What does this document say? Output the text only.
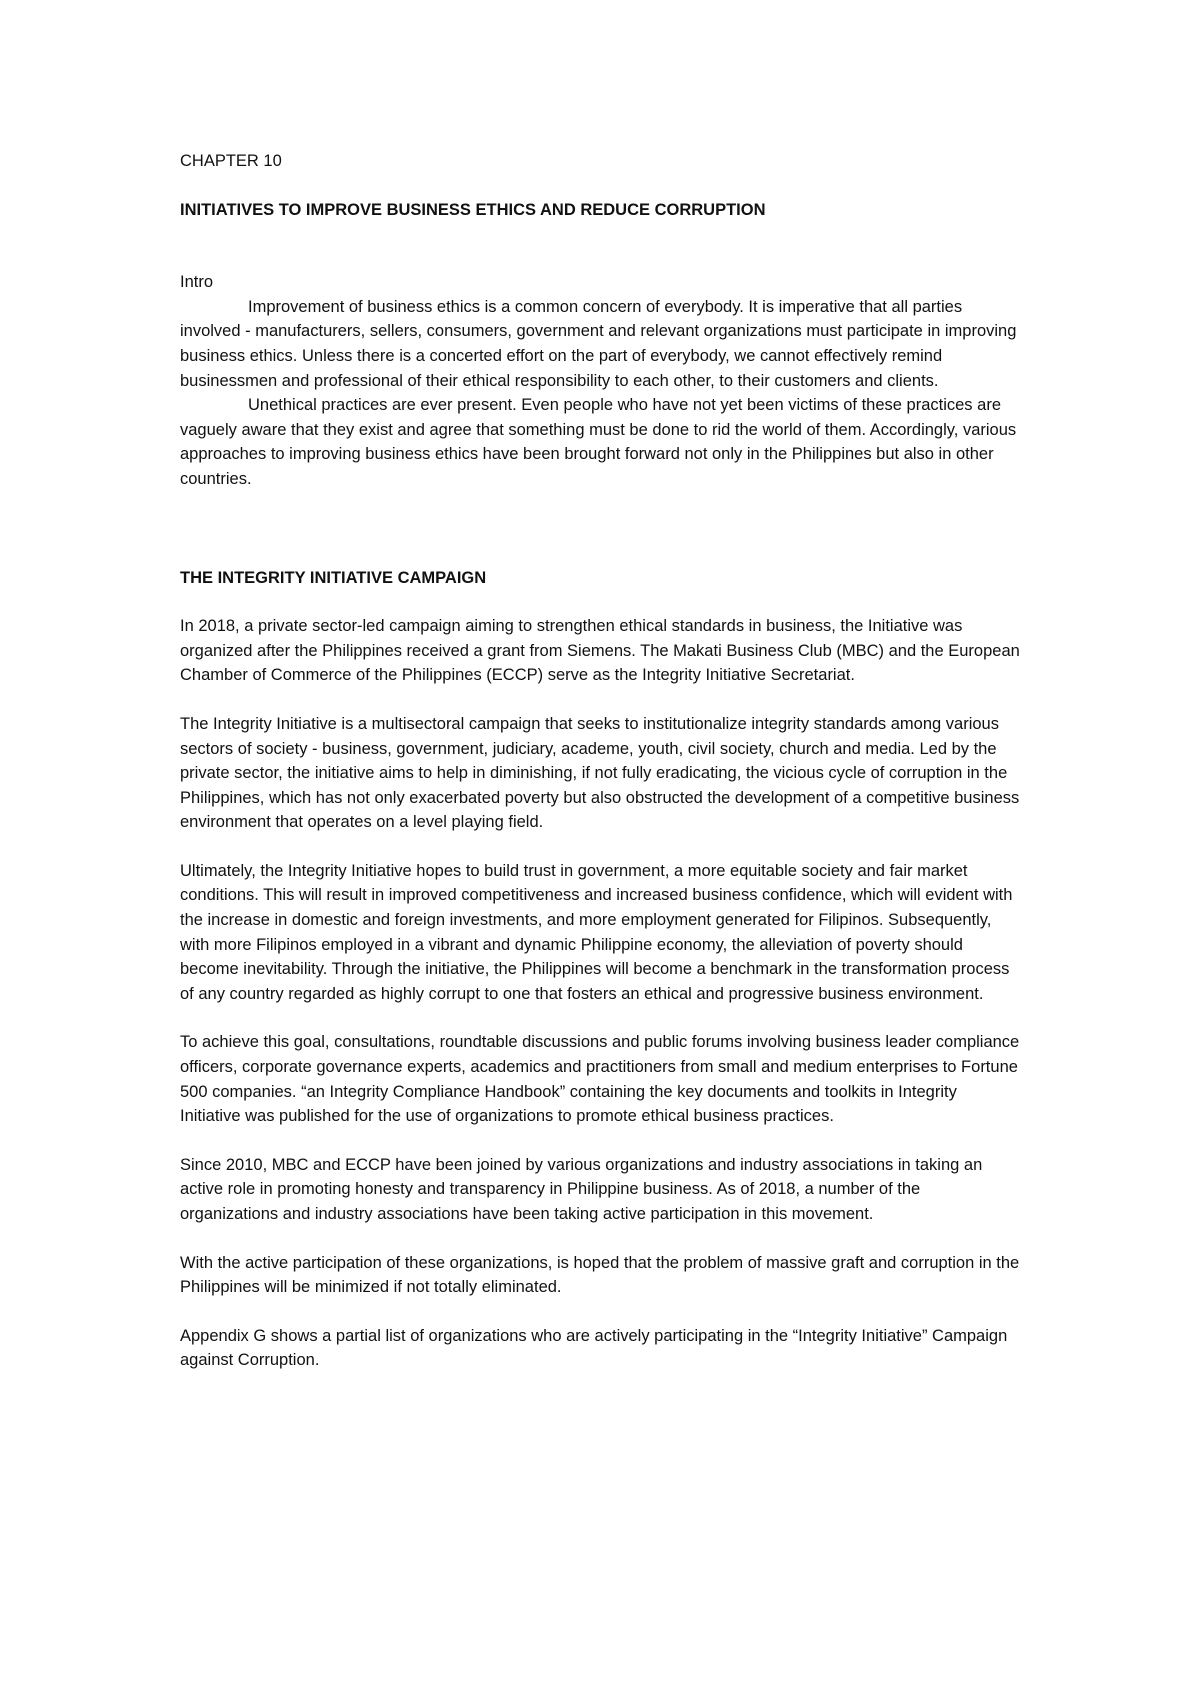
CHAPTER 10

INITIATIVES TO IMPROVE BUSINESS ETHICS AND REDUCE CORRUPTION

Intro

Improvement of business ethics is a common concern of everybody. It is imperative that all parties involved - manufacturers, sellers, consumers, government and relevant organizations must participate in improving business ethics. Unless there is a concerted effort on the part of everybody, we cannot effectively remind businessmen and professional of their ethical responsibility to each other, to their customers and clients.

Unethical practices are ever present. Even people who have not yet been victims of these practices are vaguely aware that they exist and agree that something must be done to rid the world of them. Accordingly, various approaches to improving business ethics have been brought forward not only in the Philippines but also in other countries.

THE INTEGRITY INITIATIVE CAMPAIGN

In 2018, a private sector-led campaign aiming to strengthen ethical standards in business, the Initiative was organized after the Philippines received a grant from Siemens. The Makati Business Club (MBC) and the European Chamber of Commerce of the Philippines (ECCP) serve as the Integrity Initiative Secretariat.

The Integrity Initiative is a multisectoral campaign that seeks to institutionalize integrity standards among various sectors of society - business, government, judiciary, academe, youth, civil society, church and media. Led by the private sector, the initiative aims to help in diminishing, if not fully eradicating, the vicious cycle of corruption in the Philippines, which has not only exacerbated poverty but also obstructed the development of a competitive business environment that operates on a level playing field.

Ultimately, the Integrity Initiative hopes to build trust in government, a more equitable society and fair market conditions. This will result in improved competitiveness and increased business confidence, which will evident with the increase in domestic and foreign investments, and more employment generated for Filipinos. Subsequently, with more Filipinos employed in a vibrant and dynamic Philippine economy, the alleviation of poverty should become inevitability. Through the initiative, the Philippines will become a benchmark in the transformation process of any country regarded as highly corrupt to one that fosters an ethical and progressive business environment.

To achieve this goal, consultations, roundtable discussions and public forums involving business leader compliance officers, corporate governance experts, academics and practitioners from small and medium enterprises to Fortune 500 companies. “an Integrity Compliance Handbook” containing the key documents and toolkits in Integrity Initiative was published for the use of organizations to promote ethical business practices.

Since 2010, MBC and ECCP have been joined by various organizations and industry associations in taking an active role in promoting honesty and transparency in Philippine business. As of 2018, a number of the organizations and industry associations have been taking active participation in this movement.

With the active participation of these organizations, is hoped that the problem of massive graft and corruption in the Philippines will be minimized if not totally eliminated.

Appendix G shows a partial list of organizations who are actively participating in the “Integrity Initiative” Campaign against Corruption.
